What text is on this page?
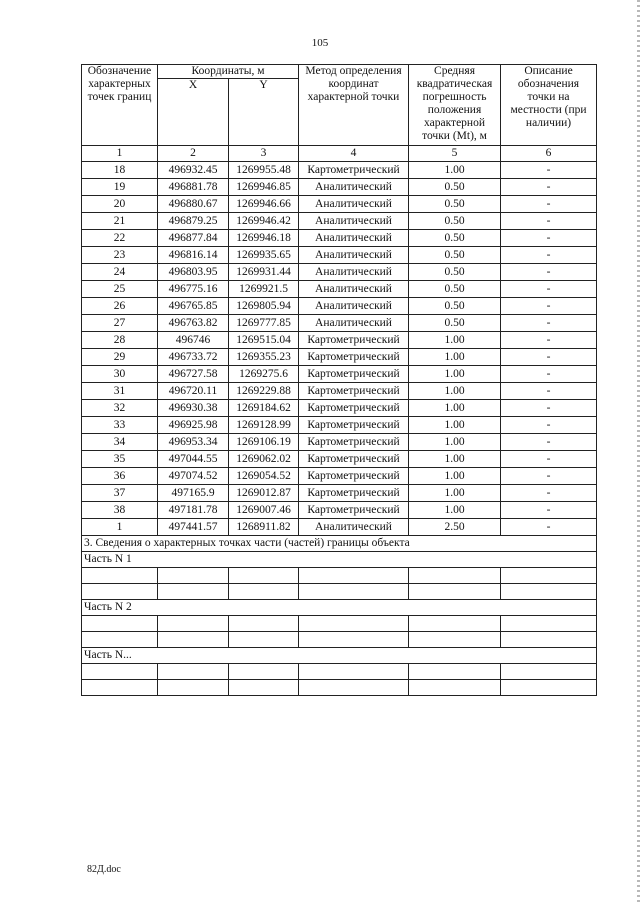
105
Обозначение характерных точек границ	Координаты, м		Метод определения координат характерной точки	Средняя квадратическая погрешность положения характерной точки (Mt), м	Описание обозначения точки на местности (при наличии)
	X	Y			
1	2	3	4	5	6
18	496932.45	1269955.48	Картометрический	1.00	-
19	496881.78	1269946.85	Аналитический	0.50	-
20	496880.67	1269946.66	Аналитический	0.50	-
21	496879.25	1269946.42	Аналитический	0.50	-
22	496877.84	1269946.18	Аналитический	0.50	-
23	496816.14	1269935.65	Аналитический	0.50	-
24	496803.95	1269931.44	Аналитический	0.50	-
25	496775.16	1269921.5	Аналитический	0.50	-
26	496765.85	1269805.94	Аналитический	0.50	-
27	496763.82	1269777.85	Аналитический	0.50	-
28	496746	1269515.04	Картометрический	1.00	-
29	496733.72	1269355.23	Картометрический	1.00	-
30	496727.58	1269275.6	Картометрический	1.00	-
31	496720.11	1269229.88	Картометрический	1.00	-
32	496930.38	1269184.62	Картометрический	1.00	-
33	496925.98	1269128.99	Картометрический	1.00	-
34	496953.34	1269106.19	Картометрический	1.00	-
35	497044.55	1269062.02	Картометрический	1.00	-
36	497074.52	1269054.52	Картометрический	1.00	-
37	497165.9	1269012.87	Картометрический	1.00	-
38	497181.78	1269007.46	Картометрический	1.00	-
1	497441.57	1268911.82	Аналитический	2.50	-
3. Сведения о характерных точках части (частей) границы объекта					
Часть N 1					

Часть N 2					

Часть N...					

82Д.doc
